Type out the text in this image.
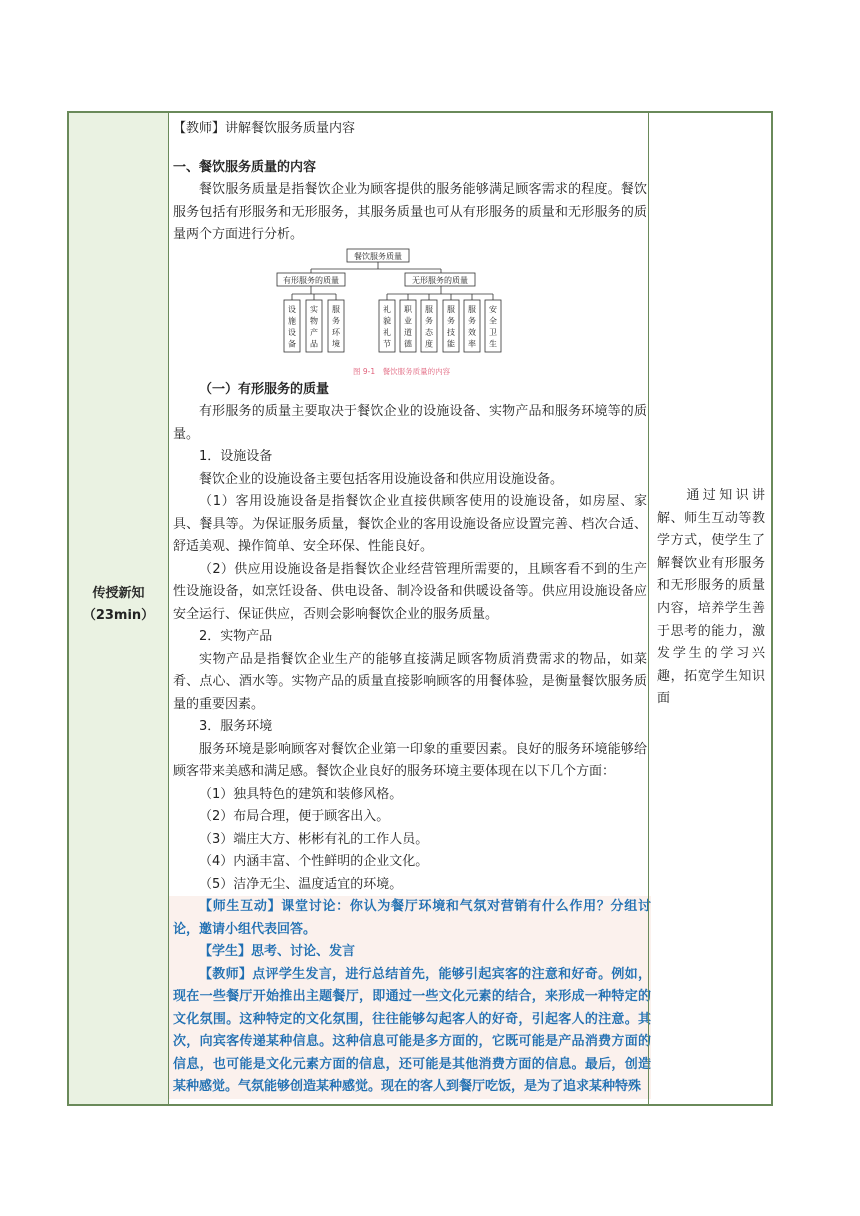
传授新知
（23min）

【教师】讲解餐饮服务质量内容

一、餐饮服务质量的内容

餐饮服务质量是指餐饮企业为顾客提供的服务能够满足顾客需求的程度。餐饮服务包括有形服务和无形服务，其服务质量也可从有形服务的质量和无形服务的质量两个方面进行分析。

餐饮服务质量
有形服务的质量	无形服务的质量
设施设备
实物产品
服务环境
礼貌礼节
职业道德
服务态度
服务技能
服务效率
安全卫生
图 9-1　餐饮服务质量的内容

（一）有形服务的质量

有形服务的质量主要取决于餐饮企业的设施设备、实物产品和服务环境等的质量。

1．设施设备

餐饮企业的设施设备主要包括客用设施设备和供应用设施设备。

（1）客用设施设备是指餐饮企业直接供顾客使用的设施设备，如房屋、家具、餐具等。为保证服务质量，餐饮企业的客用设施设备应设置完善、档次合适、舒适美观、操作简单、安全环保、性能良好。

（2）供应用设施设备是指餐饮企业经营管理所需要的，且顾客看不到的生产性设施设备，如烹饪设备、供电设备、制冷设备和供暖设备等。供应用设施设备应安全运行、保证供应，否则会影响餐饮企业的服务质量。

2．实物产品

实物产品是指餐饮企业生产的能够直接满足顾客物质消费需求的物品，如菜肴、点心、酒水等。实物产品的质量直接影响顾客的用餐体验，是衡量餐饮服务质量的重要因素。

3．服务环境

服务环境是影响顾客对餐饮企业第一印象的重要因素。良好的服务环境能够给顾客带来美感和满足感。餐饮企业良好的服务环境主要体现在以下几个方面：

（1）独具特色的建筑和装修风格。

（2）布局合理，便于顾客出入。

（3）端庄大方、彬彬有礼的工作人员。

（4）内涵丰富、个性鲜明的企业文化。

（5）洁净无尘、温度适宜的环境。

【师生互动】课堂讨论：你认为餐厅环境和气氛对营销有什么作用？分组讨论，邀请小组代表回答。

【学生】思考、讨论、发言

【教师】点评学生发言，进行总结首先，能够引起宾客的注意和好奇。例如，现在一些餐厅开始推出主题餐厅，即通过一些文化元素的结合，来形成一种特定的文化氛围。这种特定的文化氛围，往往能够勾起客人的好奇，引起客人的注意。其次，向宾客传递某种信息。这种信息可能是多方面的，它既可能是产品消费方面的信息，也可能是文化元素方面的信息，还可能是其他消费方面的信息。最后，创造某种感觉。气氛能够创造某种感觉。现在的客人到餐厅吃饭，是为了追求某种特殊

通过知识讲解、师生互动等教学方式，使学生了解餐饮业有形服务和无形服务的质量内容，培养学生善于思考的能力，激发学生的学习兴趣，拓宽学生知识面
